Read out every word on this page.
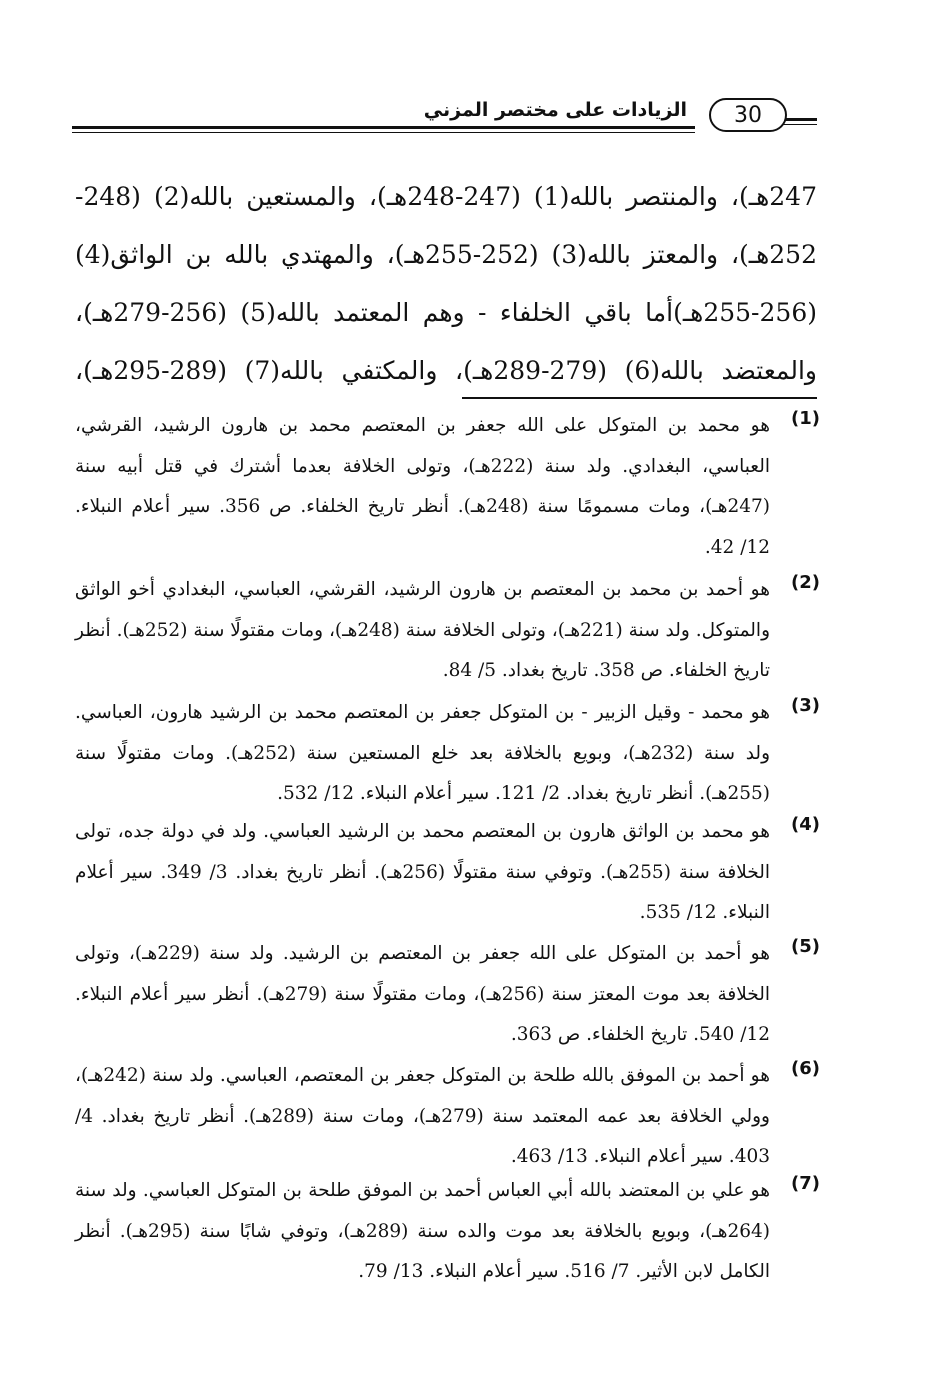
الزيادات على مختصر المزني	30

247هـ)، والمنتصر بالله(1) (247-248هـ)، والمستعين بالله(2) (248-

252هـ)، والمعتز بالله(3) (252-255هـ)، والمهتدي بالله بن الواثق(4)

(255-256هـ)أما باقي الخلفاء - وهم المعتمد بالله(5) (256-279هـ)،

والمعتضد بالله(6) (279-289هـ)، والمكتفي بالله(7) (289-295هـ)،

(1)
هو محمد بن المتوكل على الله جعفر بن المعتصم محمد بن هارون الرشيد، القرشي، العباسي، البغدادي. ولد سنة (222هـ)، وتولى الخلافة بعدما أشترك في قتل أبيه سنة (247هـ)، ومات مسمومًا سنة (248هـ). أنظر تاريخ الخلفاء. ص 356. سير أعلام النبلاء. 12/ 42.
(2)
هو أحمد بن محمد بن المعتصم بن هارون الرشيد، القرشي، العباسي، البغدادي أخو الواثق والمتوكل. ولد سنة (221هـ)، وتولى الخلافة سنة (248هـ)، ومات مقتولًا سنة (252هـ). أنظر تاريخ الخلفاء. ص 358. تاريخ بغداد. 5/ 84.
(3)
هو محمد - وقيل الزبير - بن المتوكل جعفر بن المعتصم محمد بن الرشيد هارون، العباسي. ولد سنة (232هـ)، وبويع بالخلافة بعد خلع المستعين سنة (252هـ). ومات مقتولًا سنة (255هـ). أنظر تاريخ بغداد. 2/ 121. سير أعلام النبلاء. 12/ 532.
(4)
هو محمد بن الواثق هارون بن المعتصم محمد بن الرشيد العباسي. ولد في دولة جده، تولى الخلافة سنة (255هـ). وتوفي سنة مقتولًا (256هـ). أنظر تاريخ بغداد. 3/ 349. سير أعلام النبلاء. 12/ 535.
(5)
هو أحمد بن المتوكل على الله جعفر بن المعتصم بن الرشيد. ولد سنة (229هـ)، وتولى الخلافة بعد موت المعتز سنة (256هـ)، ومات مقتولًا سنة (279هـ). أنظر سير أعلام النبلاء. 12/ 540. تاريخ الخلفاء. ص 363.
(6)
هو أحمد بن الموفق بالله طلحة بن المتوكل جعفر بن المعتصم، العباسي. ولد سنة (242هـ)، وولي الخلافة بعد عمه المعتمد سنة (279هـ)، ومات سنة (289هـ). أنظر تاريخ بغداد. 4/ 403. سير أعلام النبلاء. 13/ 463.
(7)
هو علي بن المعتضد بالله أبي العباس أحمد بن الموفق طلحة بن المتوكل العباسي. ولد سنة (264هـ)، وبويع بالخلافة بعد موت والده سنة (289هـ)، وتوفي شابًا سنة (295هـ). أنظر الكامل لابن الأثير. 7/ 516. سير أعلام النبلاء. 13/ 79.
